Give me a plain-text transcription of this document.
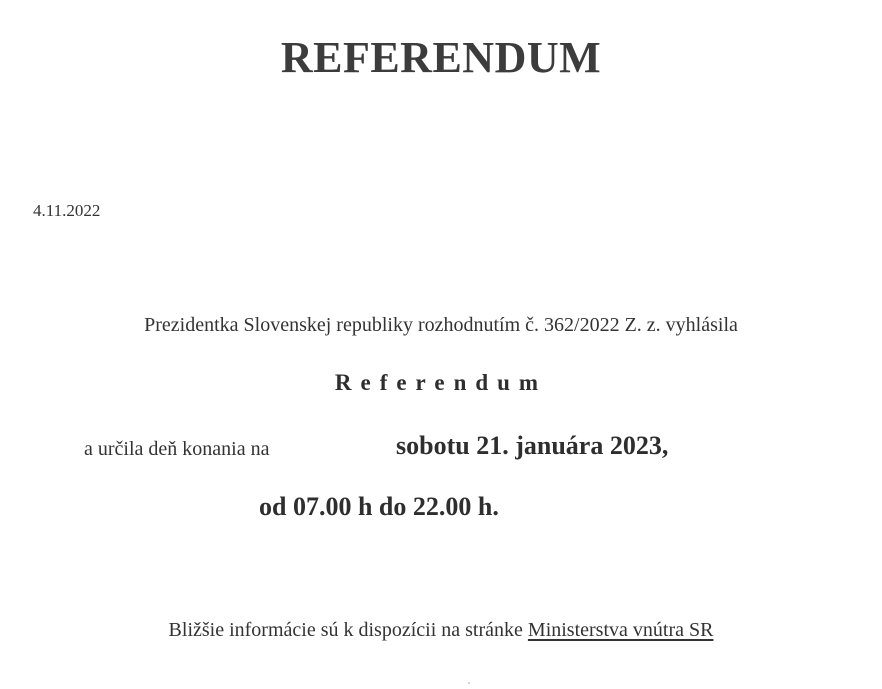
REFERENDUM
4.11.2022
Prezidentka Slovenskej republiky rozhodnutím č. 362/2022 Z. z. vyhlásila
Referendum
a určila deň konania na	sobotu 21. januára 2023,
od 07.00 h do 22.00 h.
Bližšie informácie sú k dispozícii na stránke Ministerstva vnútra SR
